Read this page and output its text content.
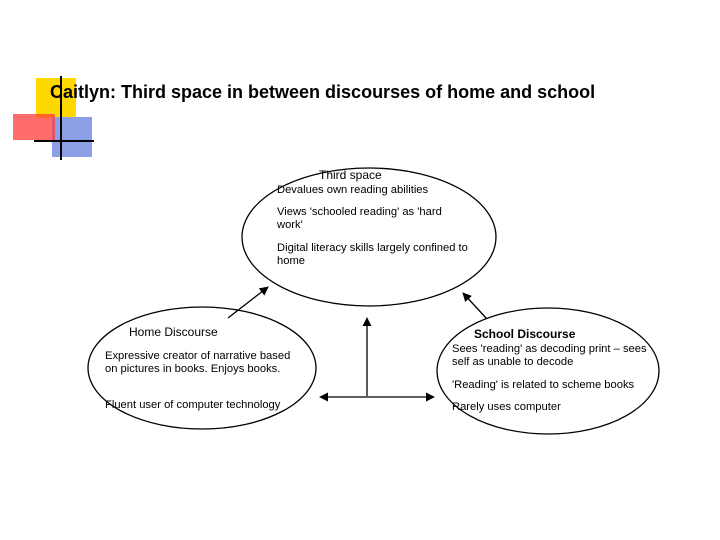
Caitlyn: Third space in between discourses of home and school
Third space
Devalues own reading abilities
Views 'schooled reading' as 'hard work'
Digital literacy skills largely confined to home
Home Discourse
Expressive creator of narrative based on pictures in books. Enjoys books.
Fluent user of computer technology
School Discourse
Sees 'reading' as decoding print – sees self as unable to decode
'Reading' is related to scheme books
Rarely uses computer
